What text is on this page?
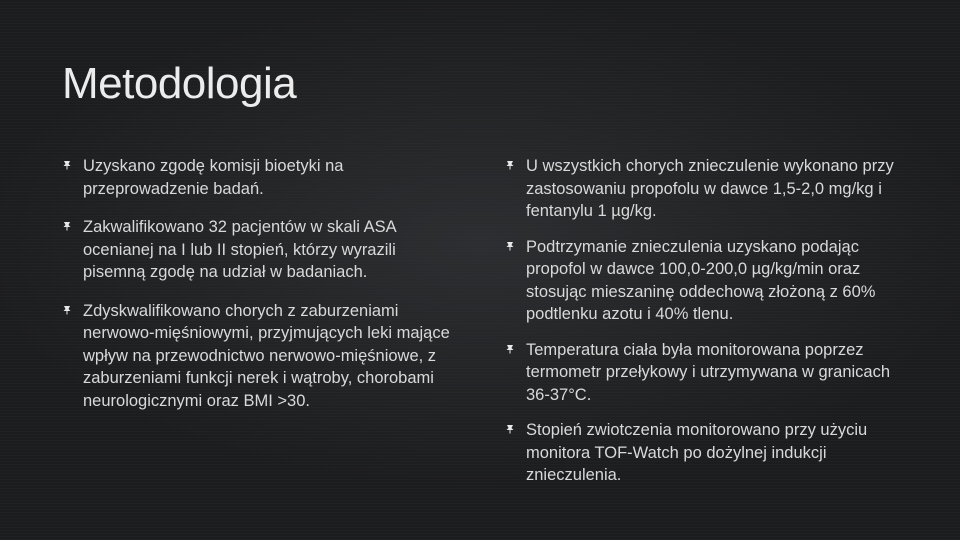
Metodologia
Uzyskano zgodę komisji bioetyki na przeprowadzenie badań.
Zakwalifikowano 32 pacjentów w skali ASA ocenianej na I lub II stopień, którzy wyrazili pisemną zgodę na udział w badaniach.
Zdyskwalifikowano chorych z zaburzeniami nerwowo-mięśniowymi, przyjmujących leki mające wpływ na przewodnictwo nerwowo-mięśniowe, z zaburzeniami funkcji nerek i wątroby, chorobami neurologicznymi oraz BMI >30.
U wszystkich chorych znieczulenie wykonano przy zastosowaniu propofolu w dawce 1,5-2,0 mg/kg i fentanylu 1 µg/kg.
Podtrzymanie znieczulenia uzyskano podając propofol w dawce 100,0-200,0 µg/kg/min oraz stosując mieszaninę oddechową złożoną z 60% podtlenku azotu i 40% tlenu.
Temperatura ciała była monitorowana poprzez termometr przełykowy i utrzymywana w granicach 36-37°C.
Stopień zwiotczenia monitorowano przy użyciu monitora TOF-Watch po dożylnej indukcji znieczulenia.
